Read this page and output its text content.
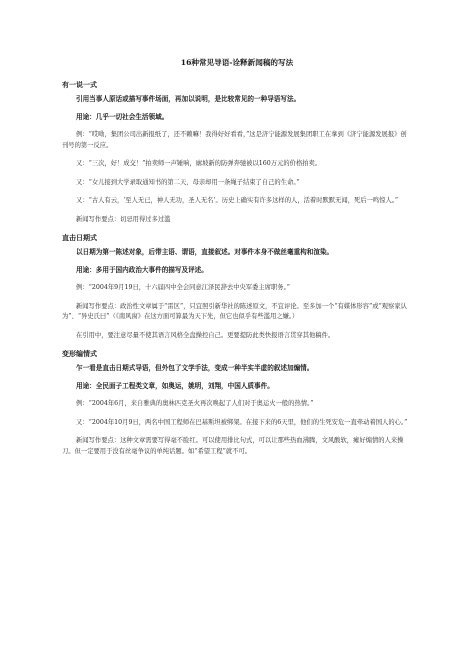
16种常见导语-诠释新闻稿的写法
有一说一式
引用当事人原话或描写事件场面，再加以说明，是比较常见的一种导语写法。
用途：几乎一切社会生活领域。
例：“哎呦，集团公司出新报纸了，还不赖嘛！我得好好看看，”这是济宁能源发展集团职工在拿到《济宁能源发展报》创刊号的第一反应。
又：“三次，好！成交！”拍卖师一声锤响，廓坡新的防弹奔驰被以160万元的价格拍卖。
又：“女儿接到大学录取通知书的第二天，母亲却用一条绳子结束了自己的生命。”
又：“古人有云，‘至人无已，神人无功，圣人无名’。历史上确实有许多这样的人，活着时默默无闻，死后一鸣惊人。”
新闻写作要点：切忌用得过多过滥
直击日期式
以日期为第一陈述对象，后带主语、谓语，直接叙述。对事件本身不做丝毫重构和渲染。
用途：多用于国内政治大事件的描写及评述。
例：“2004年9月19日，十六届四中全会同意江泽民辞去中央军委主席职务。”
新闻写作要点：政治性文章属于“雷区”，只宜照引新华社的陈述原文，不宜评论。至多加一个“有媒体形容”或“观察家认为”、“异史氏曰”（《南风窗》在这方面可算最为天下先，但它也似乎有些滥用之嫌。）
在引用中，要注意尽量不使其语言风格全盘操控自己。更要提防此类快报语言贯穿其他稿件。
变形编情式
乍一看是直击日期式导语，但外包了文学手法，变成一种半实半虚的叙述加煽情。
用途：全民面子工程类文章，如奥运，姚明，刘翔，中国人质事件。
例：“2004年6月，来自雅典的奥林匹克圣火再次唤起了人们对于奥运火一般的热情。”
又：“2004年10月9日，两名中国工程师在巴基斯坦被绑架。在接下来的6天里，他们的生死安危一直牵动着国人的心。”
新闻写作要点：这种文章需要写得毫不脸红。可以使用排比句式，可以让那些热血沸腾，文风酸软，瘫好煽情的人来操刀。但一定要用于没有丝毫争议的单纯话题。如“希望工程”就不可。
